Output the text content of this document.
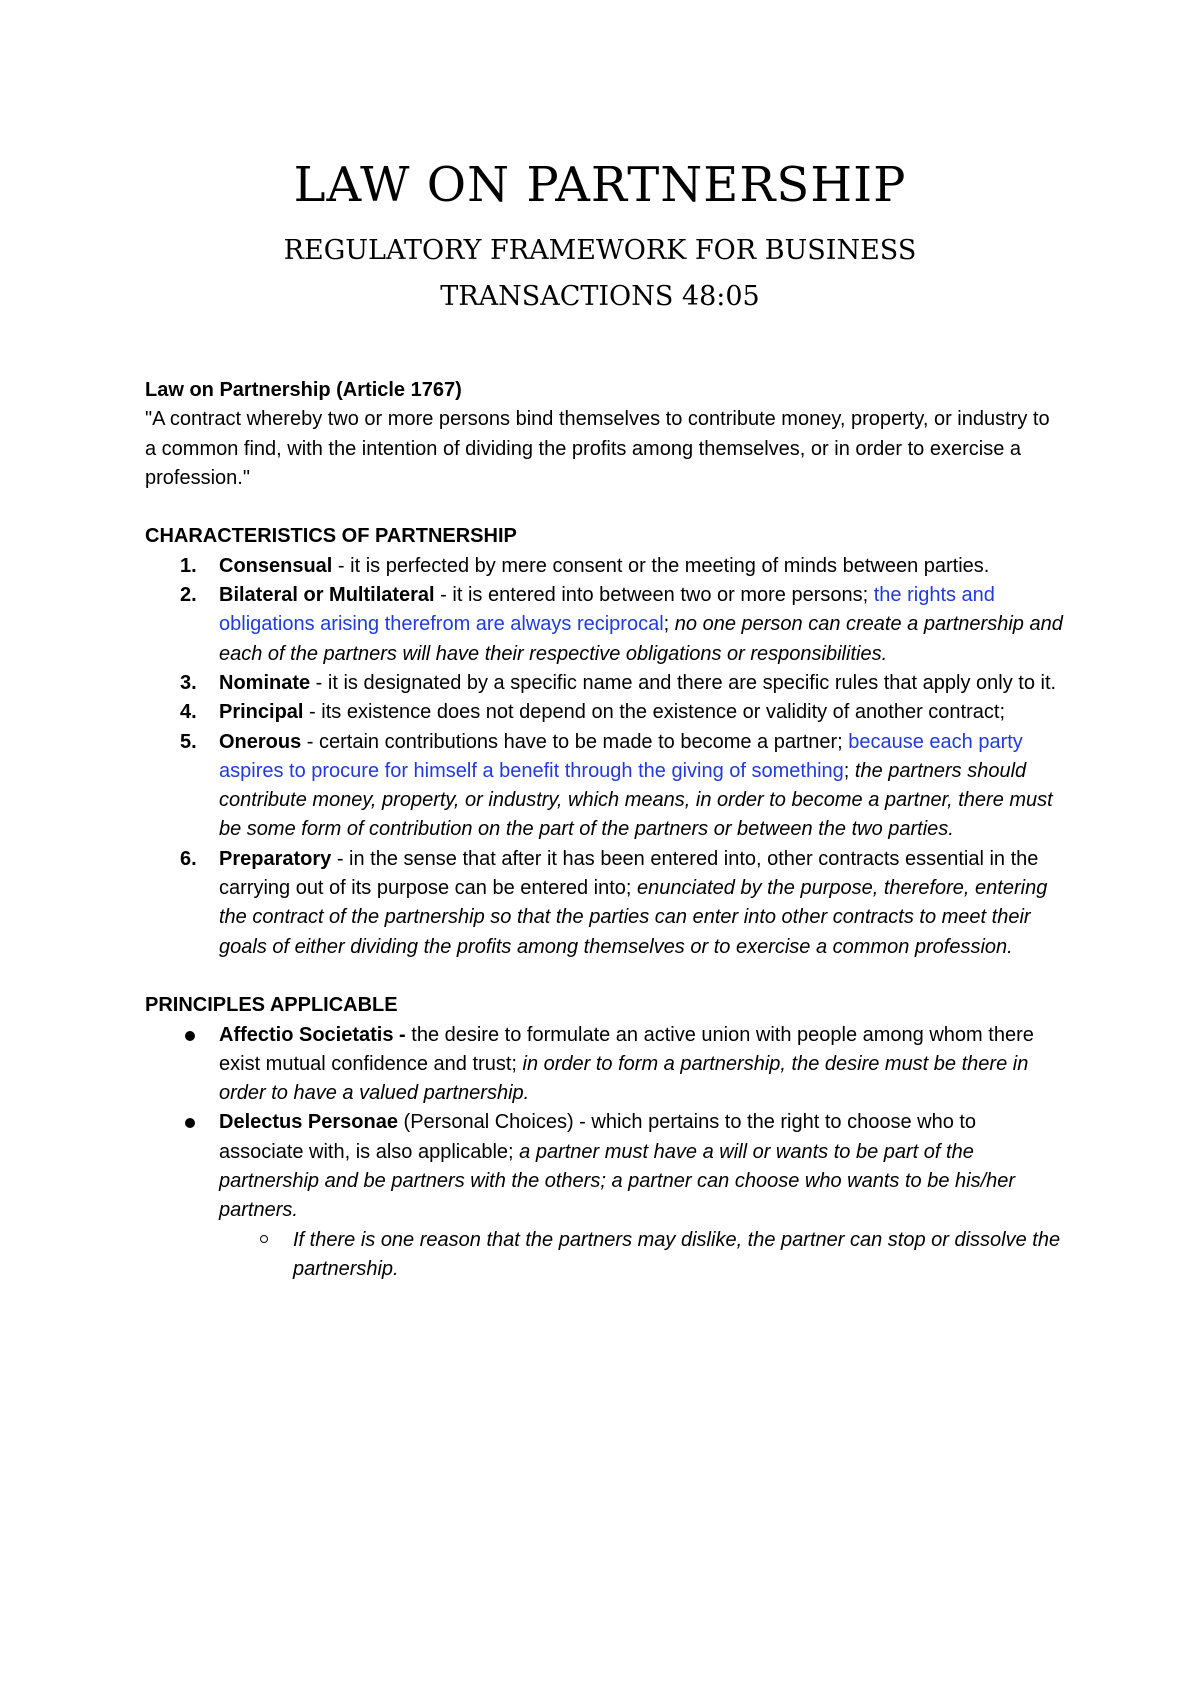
LAW ON PARTNERSHIP
REGULATORY FRAMEWORK FOR BUSINESS
TRANSACTIONS 48:05

Law on Partnership (Article 1767)

"A contract whereby two or more persons bind themselves to contribute money, property, or industry to a common find, with the intention of dividing the profits among themselves, or in order to exercise a profession."

CHARACTERISTICS OF PARTNERSHIP

1. Consensual - it is perfected by mere consent or the meeting of minds between parties.
2. Bilateral or Multilateral - it is entered into between two or more persons; the rights and obligations arising therefrom are always reciprocal; no one person can create a partnership and each of the partners will have their respective obligations or responsibilities.
3. Nominate - it is designated by a specific name and there are specific rules that apply only to it.
4. Principal - its existence does not depend on the existence or validity of another contract;
5. Onerous - certain contributions have to be made to become a partner; because each party aspires to procure for himself a benefit through the giving of something; the partners should contribute money, property, or industry, which means, in order to become a partner, there must be some form of contribution on the part of the partners or between the two parties.
6. Preparatory - in the sense that after it has been entered into, other contracts essential in the carrying out of its purpose can be entered into; enunciated by the purpose, therefore, entering the contract of the partnership so that the parties can enter into other contracts to meet their goals of either dividing the profits among themselves or to exercise a common profession.

PRINCIPLES APPLICABLE

Affectio Societatis - the desire to formulate an active union with people among whom there exist mutual confidence and trust; in order to form a partnership, the desire must be there in order to have a valued partnership.
Delectus Personae (Personal Choices) - which pertains to the right to choose who to associate with, is also applicable; a partner must have a will or wants to be part of the partnership and be partners with the others; a partner can choose who wants to be his/her partners.
If there is one reason that the partners may dislike, the partner can stop or dissolve the partnership.
